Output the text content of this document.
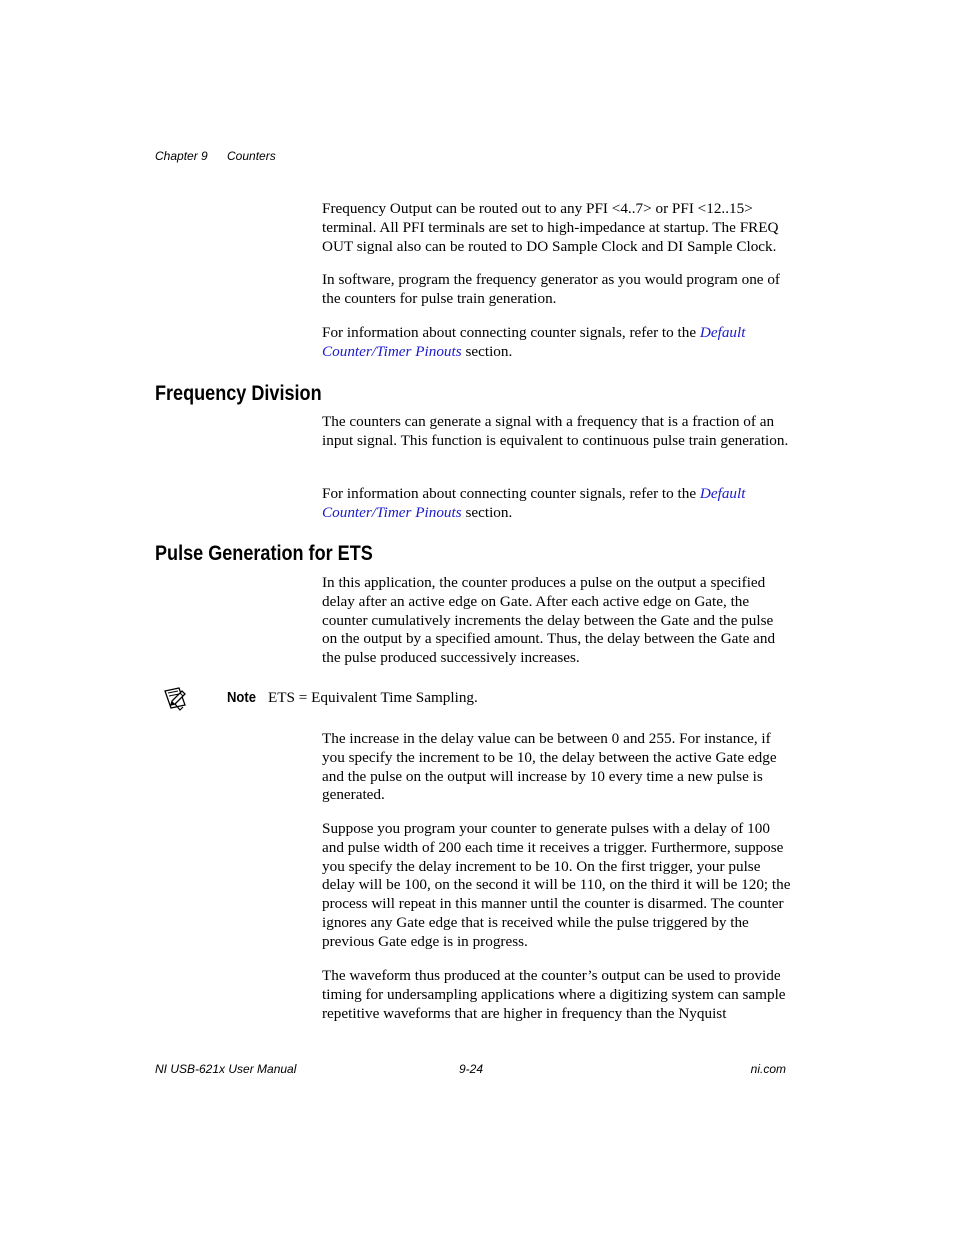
Chapter 9 Counters

Frequency Output can be routed out to any PFI <4..7> or PFI <12..15> terminal. All PFI terminals are set to high-impedance at startup. The FREQ OUT signal also can be routed to DO Sample Clock and DI Sample Clock.

In software, program the frequency generator as you would program one of the counters for pulse train generation.

For information about connecting counter signals, refer to the Default Counter/Timer Pinouts section.

Frequency Division

The counters can generate a signal with a frequency that is a fraction of an input signal. This function is equivalent to continuous pulse train generation.

For information about connecting counter signals, refer to the Default Counter/Timer Pinouts section.

Pulse Generation for ETS

In this application, the counter produces a pulse on the output a specified delay after an active edge on Gate. After each active edge on Gate, the counter cumulatively increments the delay between the Gate and the pulse on the output by a specified amount. Thus, the delay between the Gate and the pulse produced successively increases.

Note ETS = Equivalent Time Sampling.

The increase in the delay value can be between 0 and 255. For instance, if you specify the increment to be 10, the delay between the active Gate edge and the pulse on the output will increase by 10 every time a new pulse is generated.

Suppose you program your counter to generate pulses with a delay of 100 and pulse width of 200 each time it receives a trigger. Furthermore, suppose you specify the delay increment to be 10. On the first trigger, your pulse delay will be 100, on the second it will be 110, on the third it will be 120; the process will repeat in this manner until the counter is disarmed. The counter ignores any Gate edge that is received while the pulse triggered by the previous Gate edge is in progress.

The waveform thus produced at the counter’s output can be used to provide timing for undersampling applications where a digitizing system can sample repetitive waveforms that are higher in frequency than the Nyquist

NI USB-621x User Manual	9-24	ni.com
